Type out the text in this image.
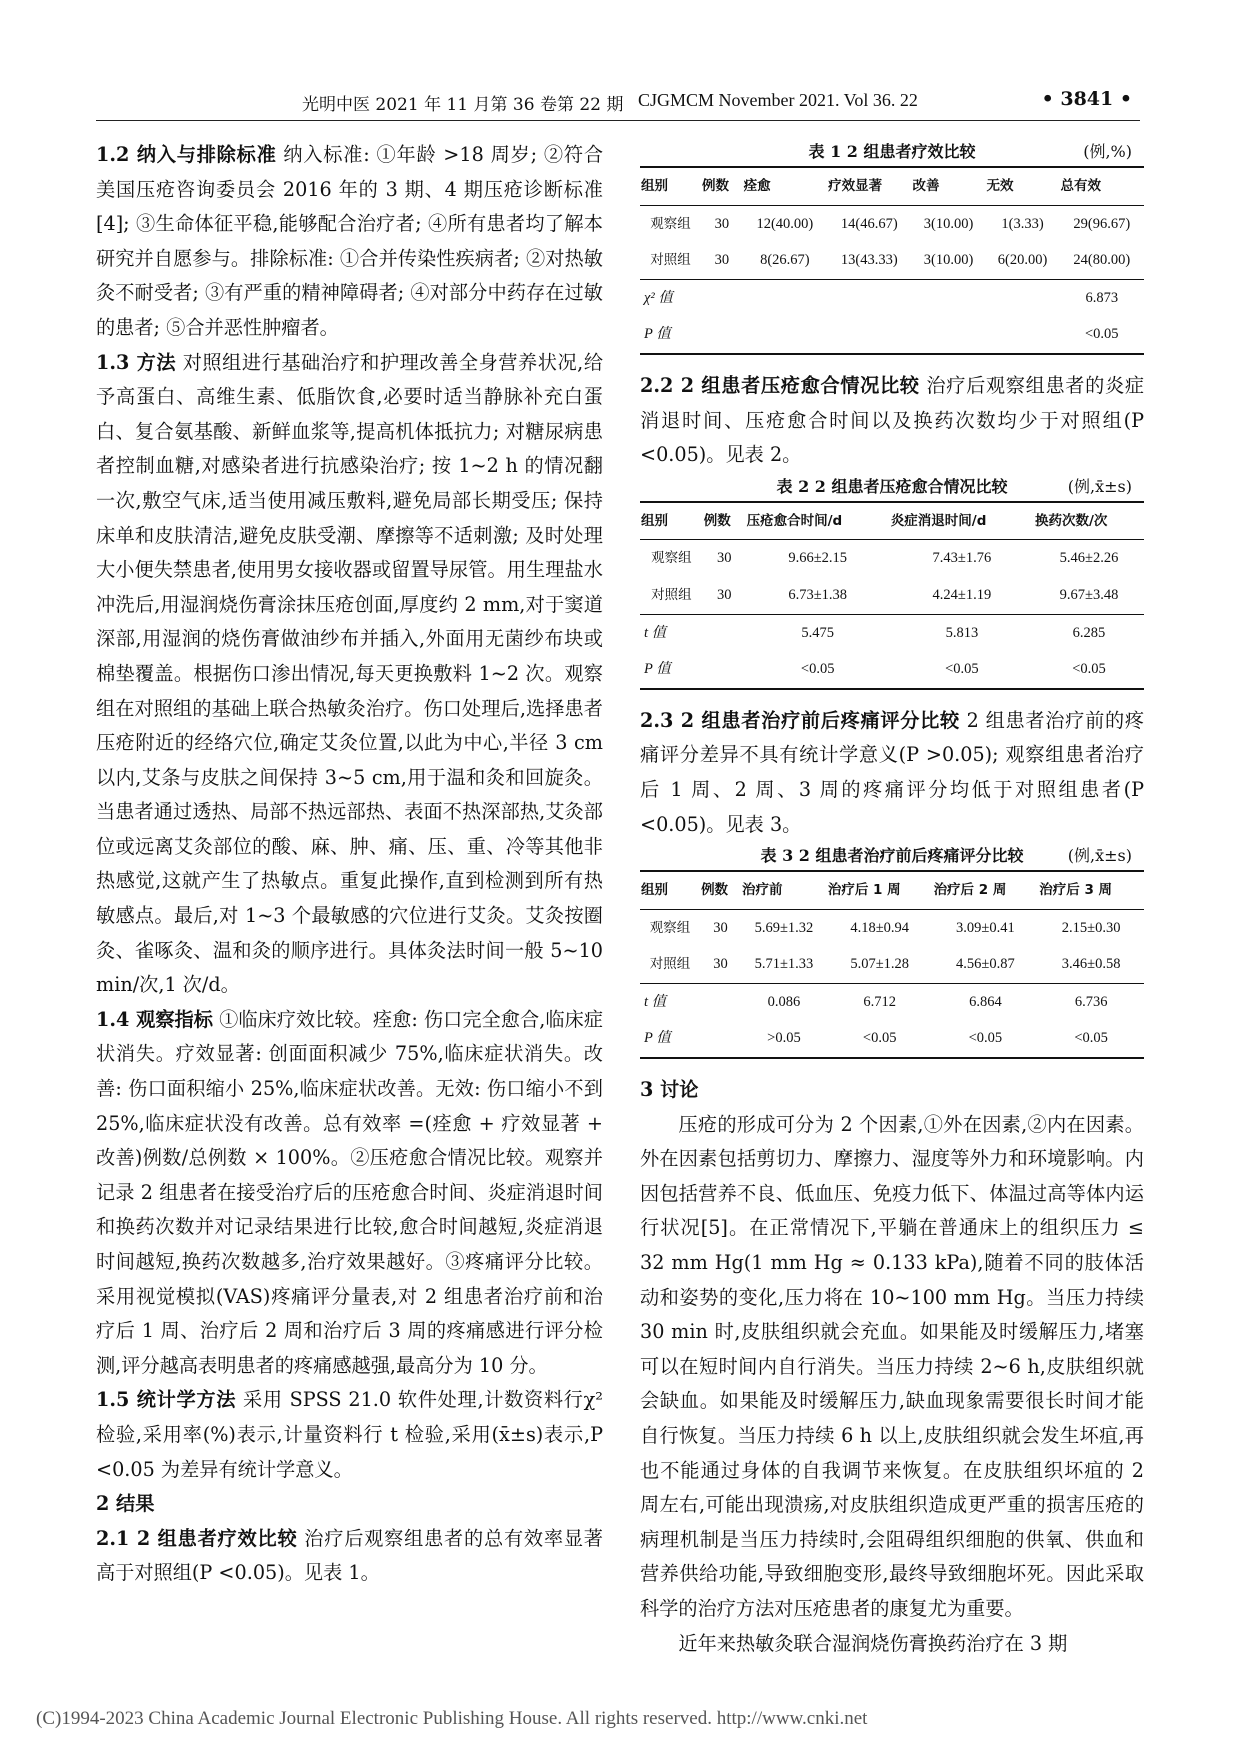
光明中医 2021 年 11 月第 36 卷第 22 期 CJGMCM November 2021. Vol 36. 22	• 3841 •

1.2 纳入与排除标准 纳入标准: ①年龄 >18 周岁; ②符合美国压疮咨询委员会 2016 年的 3 期、4 期压疮诊断标准[4]; ③生命体征平稳,能够配合治疗者; ④所有患者均了解本研究并自愿参与。排除标准: ①合并传染性疾病者; ②对热敏灸不耐受者; ③有严重的精神障碍者; ④对部分中药存在过敏的患者; ⑤合并恶性肿瘤者。

1.3 方法 对照组进行基础治疗和护理改善全身营养状况,给予高蛋白、高维生素、低脂饮食,必要时适当静脉补充白蛋白、复合氨基酸、新鲜血浆等,提高机体抵抗力; 对糖尿病患者控制血糖,对感染者进行抗感染治疗; 按 1~2 h 的情况翻一次,敷空气床,适当使用减压敷料,避免局部长期受压; 保持床单和皮肤清洁,避免皮肤受潮、摩擦等不适刺激; 及时处理大小便失禁患者,使用男女接收器或留置导尿管。用生理盐水冲洗后,用湿润烧伤膏涂抹压疮创面,厚度约 2 mm,对于窦道深部,用湿润的烧伤膏做油纱布并插入,外面用无菌纱布块或棉垫覆盖。根据伤口渗出情况,每天更换敷料 1~2 次。观察组在对照组的基础上联合热敏灸治疗。伤口处理后,选择患者压疮附近的经络穴位,确定艾灸位置,以此为中心,半径 3 cm 以内,艾条与皮肤之间保持 3~5 cm,用于温和灸和回旋灸。当患者通过透热、局部不热远部热、表面不热深部热,艾灸部位或远离艾灸部位的酸、麻、肿、痛、压、重、冷等其他非热感觉,这就产生了热敏点。重复此操作,直到检测到所有热敏感点。最后,对 1~3 个最敏感的穴位进行艾灸。艾灸按圈灸、雀啄灸、温和灸的顺序进行。具体灸法时间一般 5~10 min/次,1 次/d。

1.4 观察指标 ①临床疗效比较。痊愈: 伤口完全愈合,临床症状消失。疗效显著: 创面面积减少 75%,临床症状消失。改善: 伤口面积缩小 25%,临床症状改善。无效: 伤口缩小不到 25%,临床症状没有改善。总有效率 =(痊愈 + 疗效显著 + 改善)例数/总例数 × 100%。②压疮愈合情况比较。观察并记录 2 组患者在接受治疗后的压疮愈合时间、炎症消退时间和换药次数并对记录结果进行比较,愈合时间越短,炎症消退时间越短,换药次数越多,治疗效果越好。③疼痛评分比较。采用视觉模拟(VAS)疼痛评分量表,对 2 组患者治疗前和治疗后 1 周、治疗后 2 周和治疗后 3 周的疼痛感进行评分检测,评分越高表明患者的疼痛感越强,最高分为 10 分。

1.5 统计学方法 采用 SPSS 21.0 软件处理,计数资料行χ² 检验,采用率(%)表示,计量资料行 t 检验,采用(x̄±s)表示,P <0.05 为差异有统计学意义。

2 结果

2.1 2 组患者疗效比较 治疗后观察组患者的总有效率显著高于对照组(P <0.05)。见表 1。

表 1 2 组患者疗效比较	(例,%)
组别	例数	痊愈	疗效显著	改善	无效	总有效
观察组	30	12(40.00)	14(46.67)	3(10.00)	1(3.33)	29(96.67)
对照组	30	8(26.67)	13(43.33)	3(10.00)	6(20.00)	24(80.00)
χ² 值						6.873
P 值						<0.05

2.2 2 组患者压疮愈合情况比较 治疗后观察组患者的炎症消退时间、压疮愈合时间以及换药次数均少于对照组(P <0.05)。见表 2。

表 2 2 组患者压疮愈合情况比较	(例,x̄±s)
组别	例数	压疮愈合时间/d	炎症消退时间/d	换药次数/次
观察组	30	9.66±2.15	7.43±1.76	5.46±2.26
对照组	30	6.73±1.38	4.24±1.19	9.67±3.48
t 值		5.475	5.813	6.285
P 值		<0.05	<0.05	<0.05

2.3 2 组患者治疗前后疼痛评分比较 2 组患者治疗前的疼痛评分差异不具有统计学意义(P >0.05); 观察组患者治疗后 1 周、2 周、3 周的疼痛评分均低于对照组患者(P <0.05)。见表 3。

表 3 2 组患者治疗前后疼痛评分比较	(例,x̄±s)
组别	例数	治疗前	治疗后 1 周	治疗后 2 周	治疗后 3 周
观察组	30	5.69±1.32	4.18±0.94	3.09±0.41	2.15±0.30
对照组	30	5.71±1.33	5.07±1.28	4.56±0.87	3.46±0.58
t 值		0.086	6.712	6.864	6.736
P 值		>0.05	<0.05	<0.05	<0.05

3 讨论

压疮的形成可分为 2 个因素,①外在因素,②内在因素。外在因素包括剪切力、摩擦力、湿度等外力和环境影响。内因包括营养不良、低血压、免疫力低下、体温过高等体内运行状况[5]。在正常情况下,平躺在普通床上的组织压力 ≤ 32 mm Hg(1 mm Hg ≈ 0.133 kPa),随着不同的肢体活动和姿势的变化,压力将在 10~100 mm Hg。当压力持续 30 min 时,皮肤组织就会充血。如果能及时缓解压力,堵塞可以在短时间内自行消失。当压力持续 2~6 h,皮肤组织就会缺血。如果能及时缓解压力,缺血现象需要很长时间才能自行恢复。当压力持续 6 h 以上,皮肤组织就会发生坏疽,再也不能通过身体的自我调节来恢复。在皮肤组织坏疽的 2 周左右,可能出现溃疡,对皮肤组织造成更严重的损害压疮的病理机制是当压力持续时,会阻碍组织细胞的供氧、供血和营养供给功能,导致细胞变形,最终导致细胞坏死。因此采取科学的治疗方法对压疮患者的康复尤为重要。

近年来热敏灸联合湿润烧伤膏换药治疗在 3 期

(C)1994-2023 China Academic Journal Electronic Publishing House. All rights reserved. http://www.cnki.net
